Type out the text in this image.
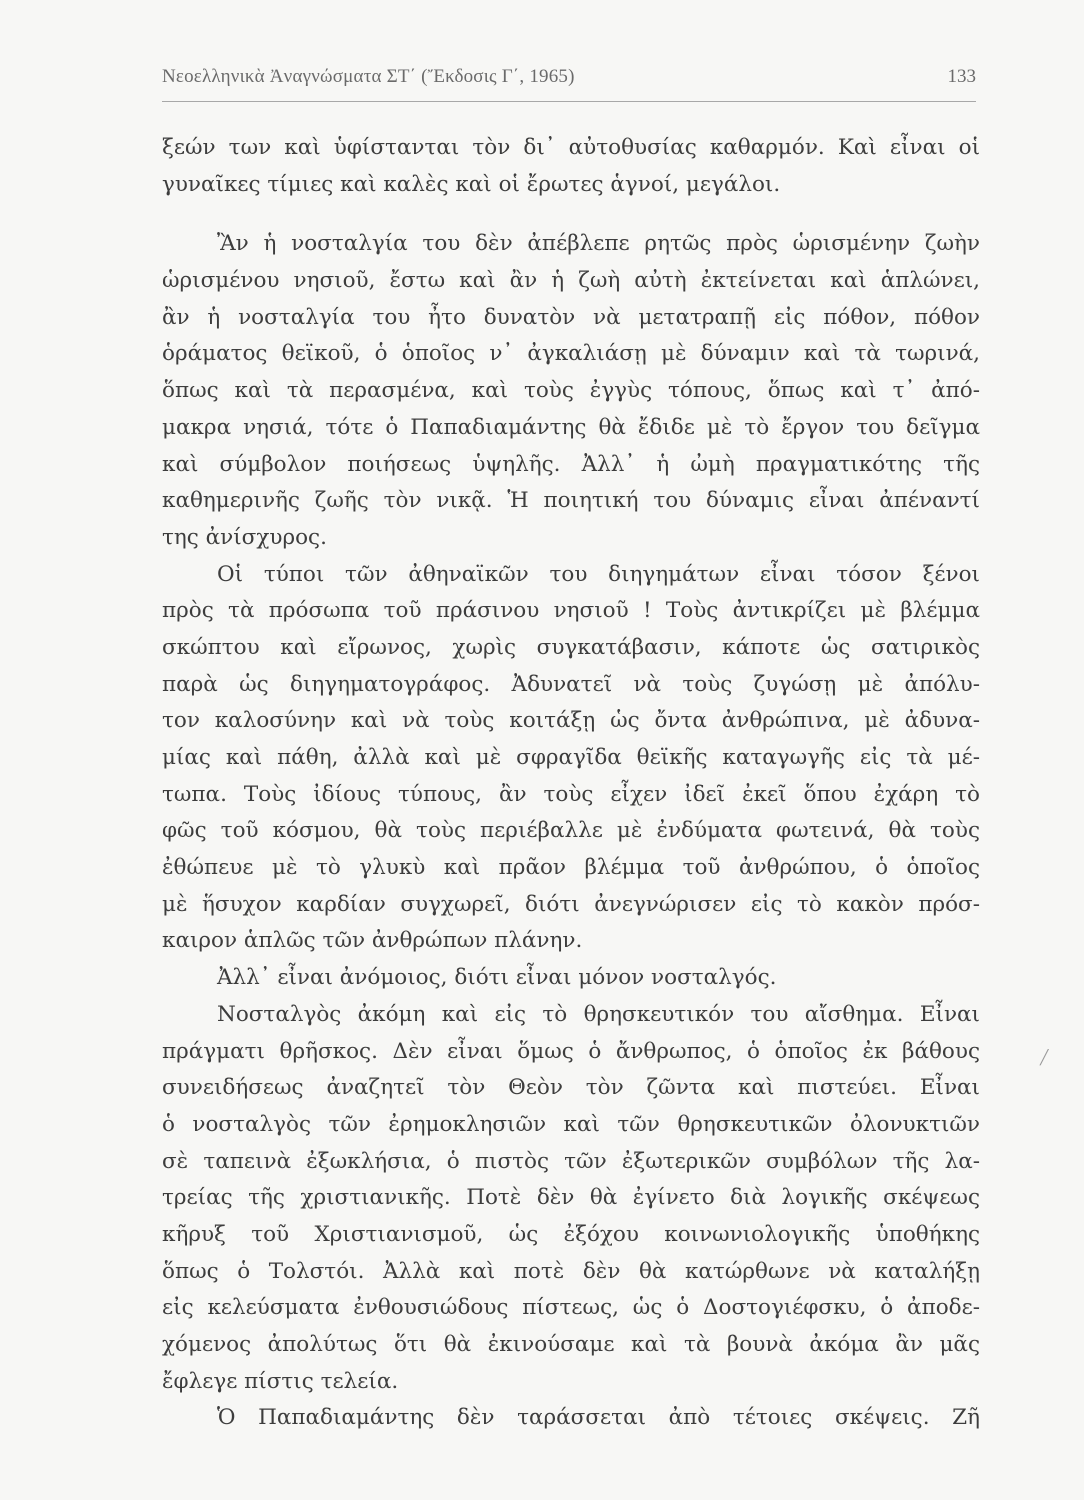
Νεοελληνικὰ Ἀναγνώσματα ΣΤ΄ (Ἔκδοσις Γ΄, 1965)	133
ξεών των καὶ ὑφίστανται τὸν δι᾽ αὐτοθυσίας καθαρμόν. Καὶ εἶναι οἱ
γυναῖκες τίμιες καὶ καλὲς καὶ οἱ ἔρωτες ἁγνοί, μεγάλοι.
Ἂν ἡ νοσταλγία του δὲν ἀπέβλεπε ρητῶς πρὸς ὡρισμένην ζωὴν
ὡρισμένου νησιοῦ, ἔστω καὶ ἂν ἡ ζωὴ αὐτὴ ἐκτείνεται καὶ ἁπλώνει,
ἂν ἡ νοσταλγία του ἦτο δυνατὸν νὰ μετατραπῇ εἰς πόθον, πόθον
ὁράματος θεϊκοῦ, ὁ ὁποῖος ν᾽ ἀγκαλιάσῃ μὲ δύναμιν καὶ τὰ τωρινά,
ὅπως καὶ τὰ περασμένα, καὶ τοὺς ἐγγὺς τόπους, ὅπως καὶ τ᾽ ἀπό-
μακρα νησιά, τότε ὁ Παπαδιαμάντης θὰ ἔδιδε μὲ τὸ ἔργον του δεῖγμα
καὶ σύμβολον ποιήσεως ὑψηλῆς. Ἀλλ᾽ ἡ ὠμὴ πραγματικότης τῆς
καθημερινῆς ζωῆς τὸν νικᾷ. Ἡ ποιητική του δύναμις εἶναι ἀπέναντί
της ἀνίσχυρος.
Οἱ τύποι τῶν ἀθηναϊκῶν του διηγημάτων εἶναι τόσον ξένοι
πρὸς τὰ πρόσωπα τοῦ πράσινου νησιοῦ ! Τοὺς ἀντικρίζει μὲ βλέμμα
σκώπτου καὶ εἴρωνος, χωρὶς συγκατάβασιν, κάποτε ὡς σατιρικὸς
παρὰ ὡς διηγηματογράφος. Ἀδυνατεῖ νὰ τοὺς ζυγώσῃ μὲ ἀπόλυ-
τον καλοσύνην καὶ νὰ τοὺς κοιτάξῃ ὡς ὄντα ἀνθρώπινα, μὲ ἀδυνα-
μίας καὶ πάθη, ἀλλὰ καὶ μὲ σφραγῖδα θεϊκῆς καταγωγῆς εἰς τὰ μέ-
τωπα. Τοὺς ἰδίους τύπους, ἂν τοὺς εἶχεν ἰδεῖ ἐκεῖ ὅπου ἐχάρη τὸ
φῶς τοῦ κόσμου, θὰ τοὺς περιέβαλλε μὲ ἐνδύματα φωτεινά, θὰ τοὺς
ἐθώπευε μὲ τὸ γλυκὺ καὶ πρᾶον βλέμμα τοῦ ἀνθρώπου, ὁ ὁποῖος
μὲ ἥσυχον καρδίαν συγχωρεῖ, διότι ἀνεγνώρισεν εἰς τὸ κακὸν πρόσ-
καιρον ἁπλῶς τῶν ἀνθρώπων πλάνην.
Ἀλλ᾽ εἶναι ἀνόμοιος, διότι εἶναι μόνον νοσταλγός.
Νοσταλγὸς ἀκόμη καὶ εἰς τὸ θρησκευτικόν του αἴσθημα. Εἶναι
πράγματι θρῆσκος. Δὲν εἶναι ὅμως ὁ ἄνθρωπος, ὁ ὁποῖος ἐκ βάθους
συνειδήσεως ἀναζητεῖ τὸν Θεὸν τὸν ζῶντα καὶ πιστεύει. Εἶναι
ὁ νοσταλγὸς τῶν ἐρημοκλησιῶν καὶ τῶν θρησκευτικῶν ὀλονυκτιῶν
σὲ ταπεινὰ ἐξωκλήσια, ὁ πιστὸς τῶν ἐξωτερικῶν συμβόλων τῆς λα-
τρείας τῆς χριστιανικῆς. Ποτὲ δὲν θὰ ἐγίνετο διὰ λογικῆς σκέψεως
κῆρυξ τοῦ Χριστιανισμοῦ, ὡς ἐξόχου κοινωνιολογικῆς ὑποθήκης
ὅπως ὁ Τολστόι. Ἀλλὰ καὶ ποτὲ δὲν θὰ κατώρθωνε νὰ καταλήξῃ
εἰς κελεύσματα ἐνθουσιώδους πίστεως, ὡς ὁ Δοστογιέφσκυ, ὁ ἀποδε-
χόμενος ἀπολύτως ὅτι θὰ ἐκινούσαμε καὶ τὰ βουνὰ ἀκόμα ἂν μᾶς
ἔφλεγε πίστις τελεία.
Ὁ Παπαδιαμάντης δὲν ταράσσεται ἀπὸ τέτοιες σκέψεις. Ζῆ
╱
